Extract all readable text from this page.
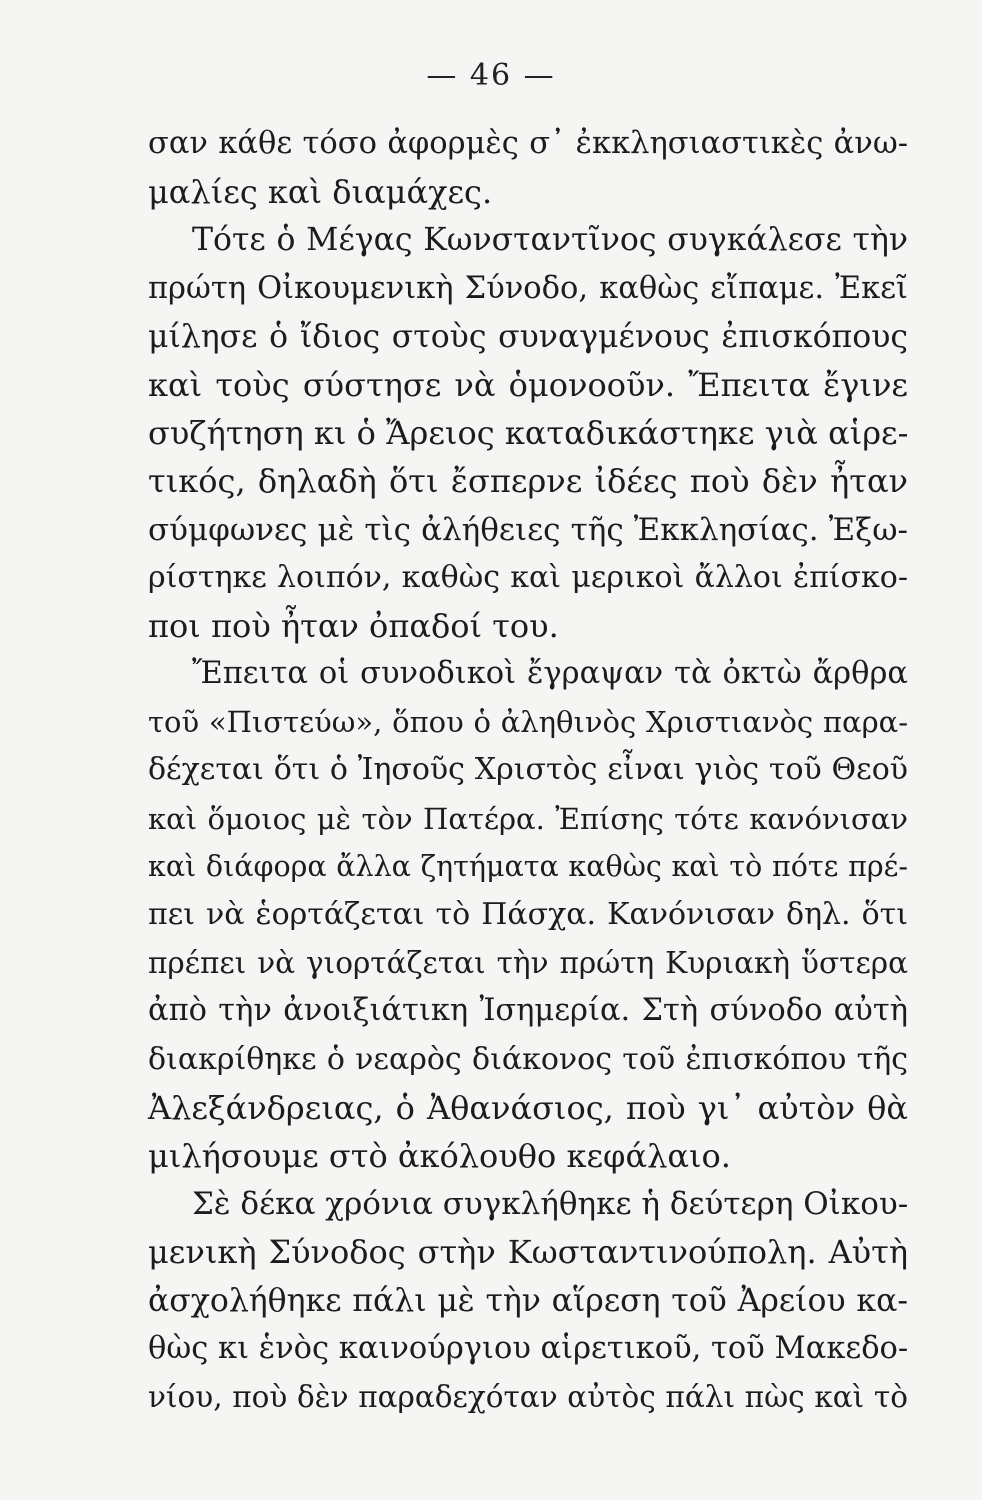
— 46 —
σαν κάθε τόσο ἀφορμὲς σ᾽ ἐκκλησιαστικὲς ἀνω-
μαλίες καὶ διαμάχες.
Τότε ὁ Μέγας Κωνσταντῖνος συγκάλεσε τὴν
πρώτη Οἰκουμενικὴ Σύνοδο, καθὼς εἴπαμε. Ἐκεῖ
μίλησε ὁ ἴδιος στοὺς συναγμένους ἐπισκόπους
καὶ τοὺς σύστησε νὰ ὁμονοοῦν. Ἔπειτα ἔγινε
συζήτηση κι ὁ Ἄρειος καταδικάστηκε γιὰ αἱρε-
τικός, δηλαδὴ ὅτι ἔσπερνε ἰδέες ποὺ δὲν ἦταν
σύμφωνες μὲ τὶς ἀλήθειες τῆς Ἐκκλησίας. Ἐξω-
ρίστηκε λοιπόν, καθὼς καὶ μερικοὶ ἄλλοι ἐπίσκο-
ποι ποὺ ἦταν ὀπαδοί του.
Ἔπειτα οἱ συνοδικοὶ ἔγραψαν τὰ ὀκτὼ ἄρθρα
τοῦ «Πιστεύω», ὅπου ὁ ἀληθινὸς Χριστιανὸς παρα-
δέχεται ὅτι ὁ Ἰησοῦς Χριστὸς εἶναι γιὸς τοῦ Θεοῦ
καὶ ὅμοιος μὲ τὸν Πατέρα. Ἐπίσης τότε κανόνισαν
καὶ διάφορα ἄλλα ζητήματα καθὼς καὶ τὸ πότε πρέ-
πει νὰ ἑορτάζεται τὸ Πάσχα. Κανόνισαν δηλ. ὅτι
πρέπει νὰ γιορτάζεται τὴν πρώτη Κυριακὴ ὕστερα
ἀπὸ τὴν ἀνοιξιάτικη Ἰσημερία. Στὴ σύνοδο αὐτὴ
διακρίθηκε ὁ νεαρὸς διάκονος τοῦ ἐπισκόπου τῆς
Ἀλεξάνδρειας, ὁ Ἀθανάσιος, ποὺ γι᾽ αὐτὸν θὰ
μιλήσουμε στὸ ἀκόλουθο κεφάλαιο.
Σὲ δέκα χρόνια συγκλήθηκε ἡ δεύτερη Οἰκου-
μενικὴ Σύνοδος στὴν Κωσταντινούπολη. Αὐτὴ
ἀσχολήθηκε πάλι μὲ τὴν αἵρεση τοῦ Ἀρείου κα-
θὼς κι ἑνὸς καινούργιου αἱρετικοῦ, τοῦ Μακεδο-
νίου, ποὺ δὲν παραδεχόταν αὐτὸς πάλι πὼς καὶ τὸ
